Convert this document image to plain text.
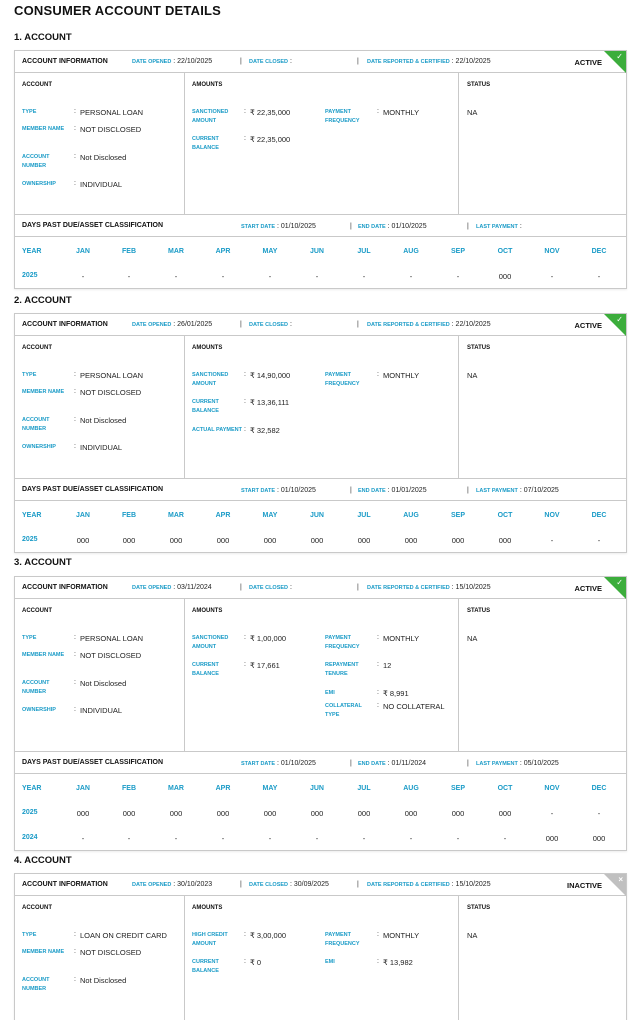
CONSUMER ACCOUNT DETAILS
1. ACCOUNT
ACCOUNT INFORMATION	DATE OPENED : 22/10/2025	| DATE CLOSED :	| DATE REPORTED & CERTIFIED : 22/10/2025	ACTIVE
✓
ACCOUNT
TYPE	: PERSONAL LOAN
MEMBER NAME	: NOT DISCLOSED
ACCOUNT NUMBER
: Not Disclosed
OWNERSHIP	: INDIVIDUAL
AMOUNTS
SANCTIONED AMOUNT
: ₹ 22,35,000
CURRENT BALANCE
: ₹ 22,35,000
PAYMENT FREQUENCY
: MONTHLY
STATUS
NA
DAYS PAST DUE/ASSET CLASSIFICATION	START DATE : 01/10/2025	| END DATE : 01/10/2025	| LAST PAYMENT :
YEAR	JAN	FEB	MAR	APR	MAY	JUN	JUL	AUG	SEP	OCT	NOV	DEC
2025	-	-	-	-	-	-	-	-	-	000	-	-
2. ACCOUNT
ACCOUNT INFORMATION	DATE OPENED : 26/01/2025	| DATE CLOSED :	| DATE REPORTED & CERTIFIED : 22/10/2025	ACTIVE
✓
ACCOUNT
TYPE	: PERSONAL LOAN
MEMBER NAME	: NOT DISCLOSED
ACCOUNT NUMBER
: Not Disclosed
OWNERSHIP	: INDIVIDUAL
AMOUNTS
SANCTIONED AMOUNT
: ₹ 14,90,000
CURRENT BALANCE
: ₹ 13,36,111
ACTUAL PAYMENT : ₹ 32,582
PAYMENT FREQUENCY
: MONTHLY
STATUS
NA
DAYS PAST DUE/ASSET CLASSIFICATION	START DATE : 01/10/2025	| END DATE : 01/01/2025	| LAST PAYMENT : 07/10/2025
YEAR	JAN	FEB	MAR	APR	MAY	JUN	JUL	AUG	SEP	OCT	NOV	DEC
2025	000	000	000	000	000	000	000	000	000	000	-	-
3. ACCOUNT
ACCOUNT INFORMATION	DATE OPENED : 03/11/2024	| DATE CLOSED :	| DATE REPORTED & CERTIFIED : 15/10/2025	ACTIVE
✓
ACCOUNT
TYPE	: PERSONAL LOAN
MEMBER NAME	: NOT DISCLOSED
ACCOUNT NUMBER
: Not Disclosed
OWNERSHIP	: INDIVIDUAL
AMOUNTS
SANCTIONED AMOUNT
: ₹ 1,00,000
CURRENT BALANCE
: ₹ 17,661
PAYMENT FREQUENCY
: MONTHLY
REPAYMENT TENURE
: 12
EMI	: ₹ 8,991
COLLATERAL TYPE
: NO COLLATERAL
STATUS
NA
DAYS PAST DUE/ASSET CLASSIFICATION	START DATE : 01/10/2025	| END DATE : 01/11/2024	| LAST PAYMENT : 05/10/2025
YEAR	JAN	FEB	MAR	APR	MAY	JUN	JUL	AUG	SEP	OCT	NOV	DEC
2025	000	000	000	000	000	000	000	000	000	000	-	-
2024	-	-	-	-	-	-	-	-	-	-	000	000
4. ACCOUNT
ACCOUNT INFORMATION	DATE OPENED : 30/10/2023	| DATE CLOSED : 30/09/2025	| DATE REPORTED & CERTIFIED : 15/10/2025	INACTIVE
×
ACCOUNT
TYPE	: LOAN ON CREDIT CARD
MEMBER NAME	: NOT DISCLOSED
ACCOUNT NUMBER
: Not Disclosed
AMOUNTS
HIGH CREDIT AMOUNT
: ₹ 3,00,000
CURRENT BALANCE
: ₹ 0
PAYMENT FREQUENCY
: MONTHLY
EMI	: ₹ 13,982
STATUS
NA
